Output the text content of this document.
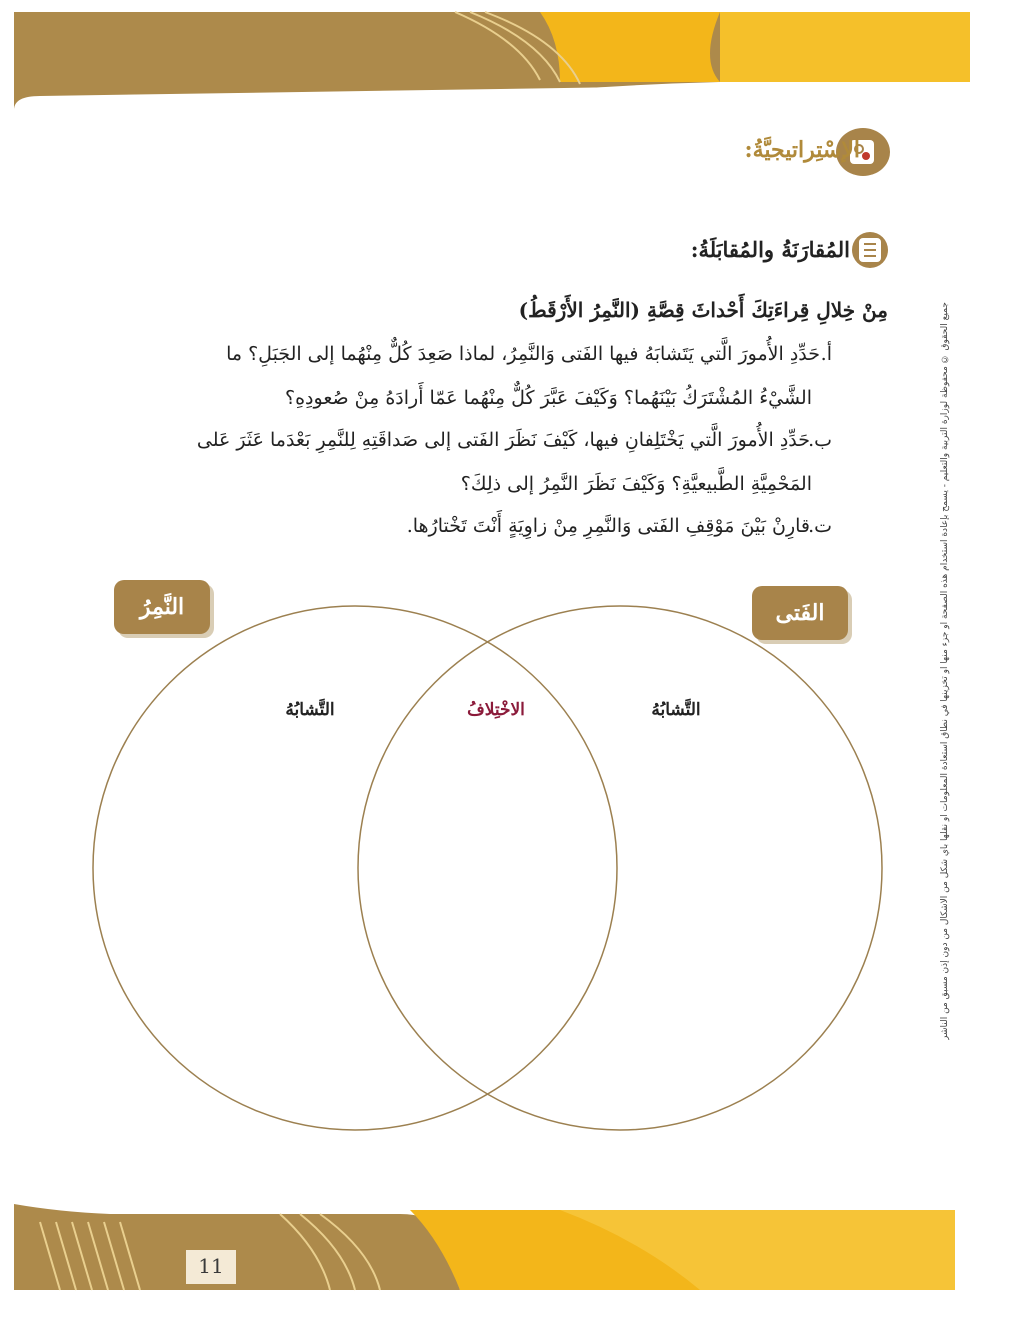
الإسْتِراتيجيَّةُ:
المُقارَنَةُ والمُقابَلَةُ:
مِنْ خِلالِ قِراءَتِكَ أَحْداثَ قِصَّةِ (النَّمِرُ الأَرْقَطُ)
حَدِّدِ الأُمورَ الَّتي يَتَشابَهُ فيها الفَتى وَالنَّمِرُ، لماذا صَعِدَ كُلٌّ مِنْهُما إلى الجَبَلِ؟ ما أ.
الشَّيْءُ المُشْتَرَكُ بَيْنَهُما؟ وَكَيْفَ عَبَّرَ كُلٌّ مِنْهُما عَمّا أَرادَهُ مِنْ صُعودِهِ؟
حَدِّدِ الأُمورَ الَّتي يَخْتَلِفانِ فيها، كَيْفَ نَظَرَ الفَتى إلى صَداقَتِهِ لِلنَّمِرِ بَعْدَما عَثَرَ عَلى
ب.
المَحْمِيَّةِ الطَّبيعيَّةِ؟ وَكَيْفَ نَظَرَ النَّمِرُ إلى ذلِكَ؟
قارِنْ بَيْنَ مَوْقِفِ الفَتى وَالنَّمِرِ مِنْ زاوِيَةٍ أَنْتَ تَخْتارُها.
ت.
الفَتى
النَّمِرُ
التَّشابُهُ	الاخْتِلافُ	التَّشابُهُ	جميع الحقوق © محفوظة لوزارة التربية والتعليم - يسمح بإعادة استخدام هذه الصفحة أو جزء منها أو تخزينها في نطاق استعادة المعلومات أو نقلها بأي شكل من الأشكال من دون إذن مسبق من الناشر
11
